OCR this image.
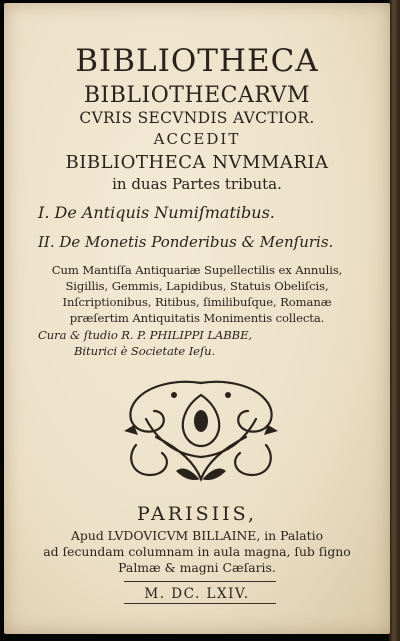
BIBLIOTHECA
BIBLIOTHECARVM
CVRIS SECVNDIS AVCTIOR.
ACCEDIT
BIBLIOTHECA NVMMARIA
in duas Partes tributa.
I. De Antiquis Numiſmatibus.
II. De Monetis Ponderibus & Menſuris.
Cum Mantiſſa Antiquariæ Supellectilis ex Annulis,
Sigillis, Gemmis, Lapidibus, Statuis Obeliſcis,
Inſcriptionibus, Ritibus, ſimilibuſque, Romanæ
præſertim Antiquitatis Monimentis collecta.
Cura & ſtudio R. P. PHILIPPI LABBE,
Biturici è Societate Ieſu.
PARISIIS,
Apud LVDOVICVM BILLAINE, in Palatio
ad ſecundam columnam in aula magna, ſub ſigno
Palmæ & magni Cæſaris.
M. DC. LXIV.
